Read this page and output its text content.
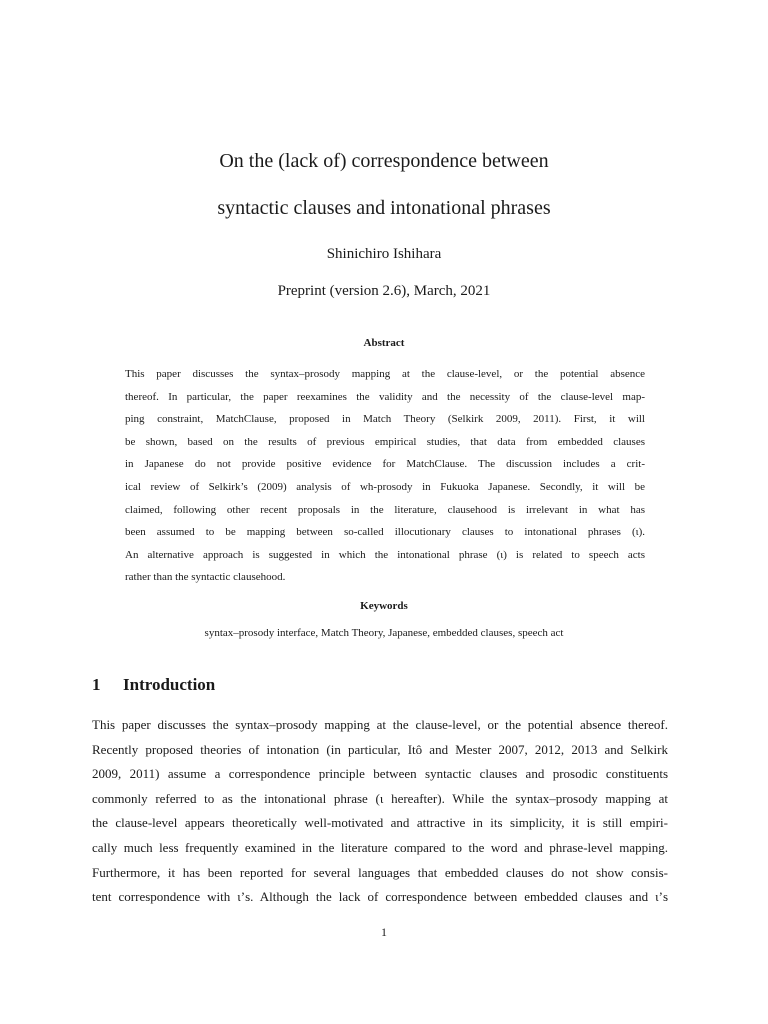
On the (lack of) correspondence between
syntactic clauses and intonational phrases
Shinichiro Ishihara
Preprint (version 2.6), March, 2021
Abstract
This paper discusses the syntax–prosody mapping at the clause-level, or the potential absence
thereof. In particular, the paper reexamines the validity and the necessity of the clause-level map-
ping constraint, MatchClause, proposed in Match Theory (Selkirk 2009, 2011). First, it will
be shown, based on the results of previous empirical studies, that data from embedded clauses
in Japanese do not provide positive evidence for MatchClause. The discussion includes a crit-
ical review of Selkirk’s (2009) analysis of wh-prosody in Fukuoka Japanese. Secondly, it will be
claimed, following other recent proposals in the literature, clausehood is irrelevant in what has
been assumed to be mapping between so-called illocutionary clauses to intonational phrases (ι).
An alternative approach is suggested in which the intonational phrase (ι) is related to speech acts
rather than the syntactic clausehood.
Keywords
syntax–prosody interface, Match Theory, Japanese, embedded clauses, speech act
1 Introduction
This paper discusses the syntax–prosody mapping at the clause-level, or the potential absence thereof.
Recently proposed theories of intonation (in particular, Itô and Mester 2007, 2012, 2013 and Selkirk
2009, 2011) assume a correspondence principle between syntactic clauses and prosodic constituents
commonly referred to as the intonational phrase (ι hereafter). While the syntax–prosody mapping at
the clause-level appears theoretically well-motivated and attractive in its simplicity, it is still empiri-
cally much less frequently examined in the literature compared to the word and phrase-level mapping.
Furthermore, it has been reported for several languages that embedded clauses do not show consis-
tent correspondence with ι’s. Although the lack of correspondence between embedded clauses and ι’s
1
